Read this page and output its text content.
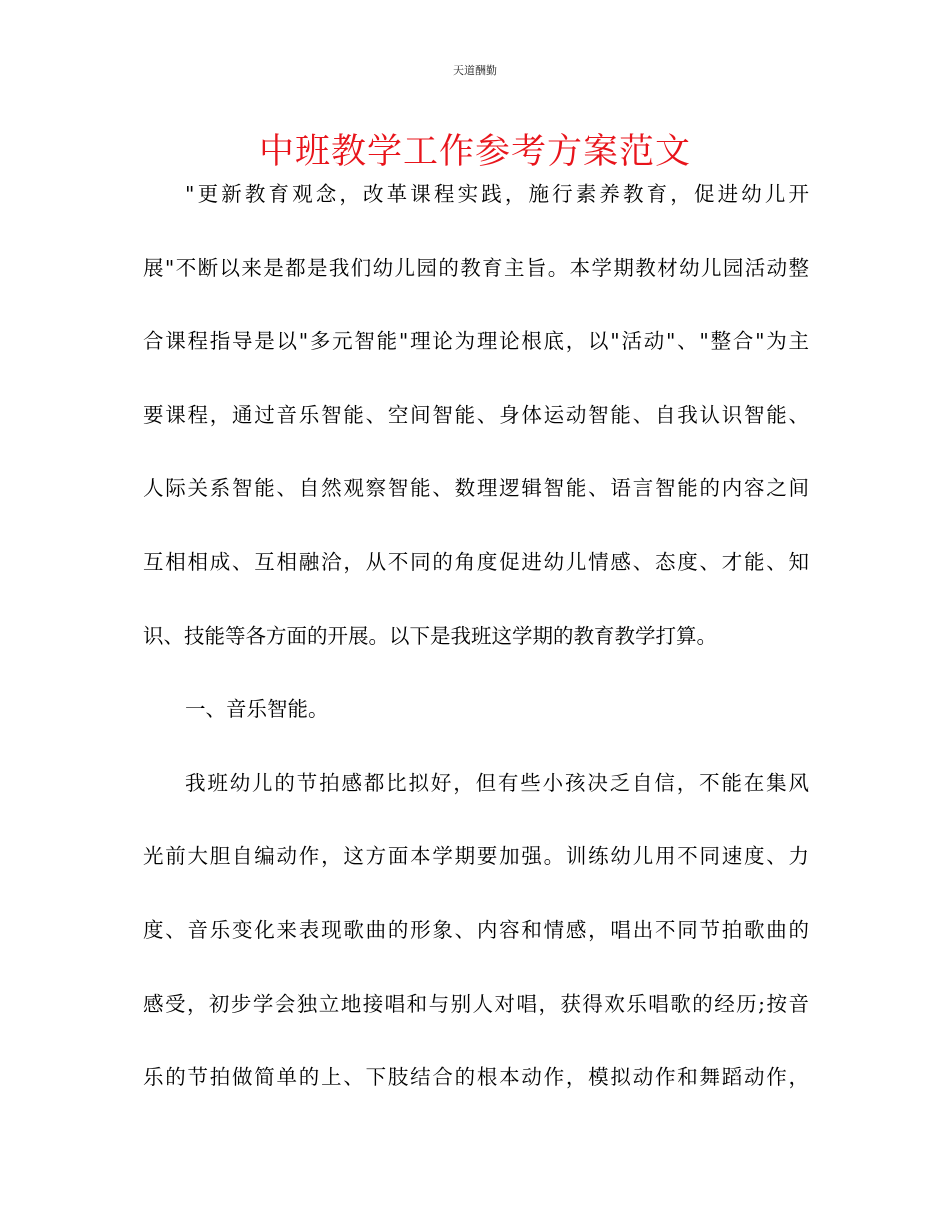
天道酬勤
中班教学工作参考方案范文
"更新教育观念，改革课程实践，施行素养教育，促进幼儿开
展"不断以来是都是我们幼儿园的教育主旨。本学期教材幼儿园活动整
合课程指导是以"多元智能"理论为理论根底，以"活动"、"整合"为主
要课程，通过音乐智能、空间智能、身体运动智能、自我认识智能、
人际关系智能、自然观察智能、数理逻辑智能、语言智能的内容之间
互相相成、互相融洽，从不同的角度促进幼儿情感、态度、才能、知
识、技能等各方面的开展。以下是我班这学期的教育教学打算。
一、音乐智能。
我班幼儿的节拍感都比拟好，但有些小孩决乏自信，不能在集风
光前大胆自编动作，这方面本学期要加强。训练幼儿用不同速度、力
度、音乐变化来表现歌曲的形象、内容和情感，唱出不同节拍歌曲的
感受，初步学会独立地接唱和与别人对唱，获得欢乐唱歌的经历;按音
乐的节拍做简单的上、下肢结合的根本动作，模拟动作和舞蹈动作，
